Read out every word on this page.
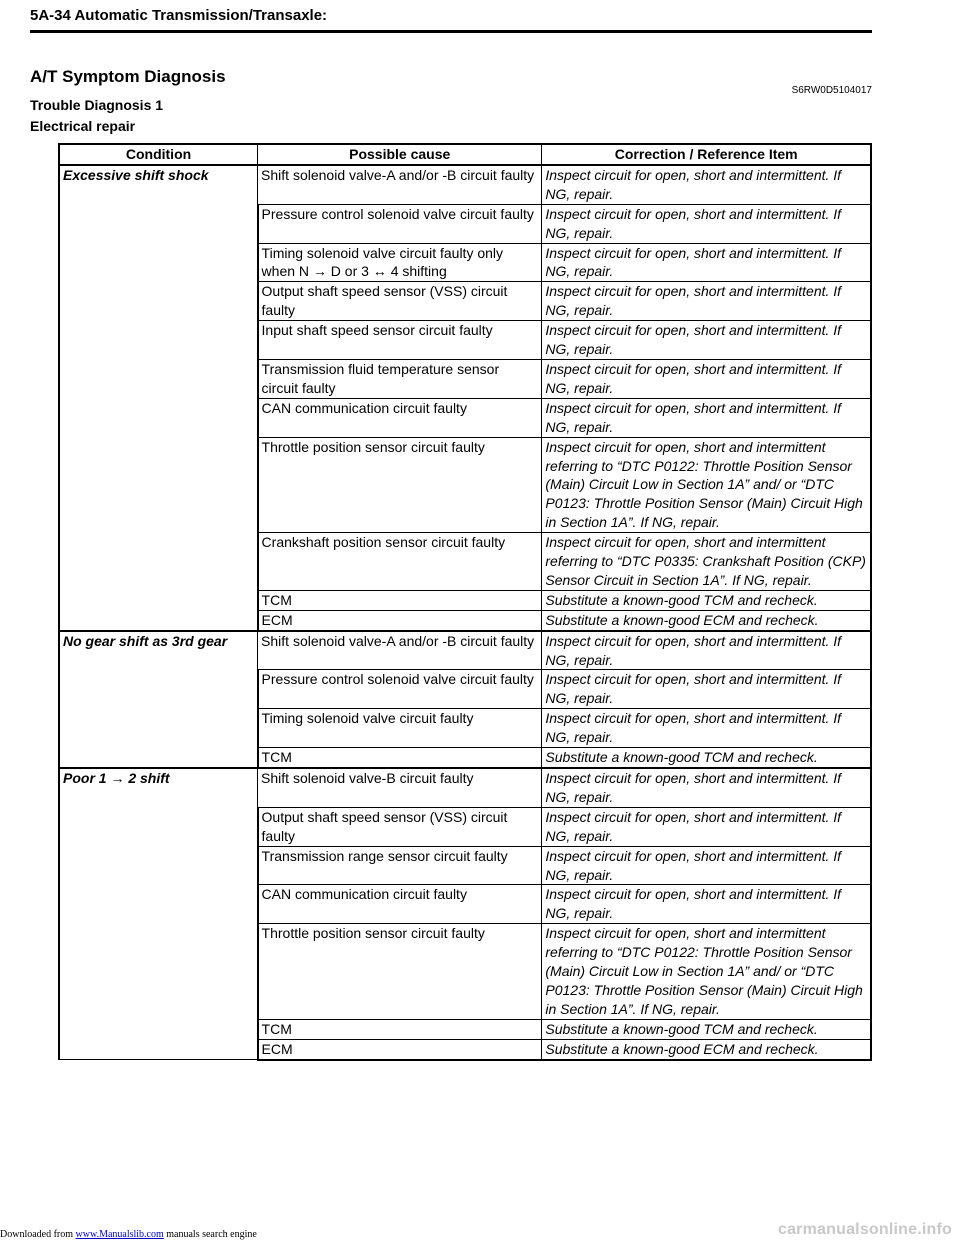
5A-34 Automatic Transmission/Transaxle:
A/T Symptom Diagnosis
S6RW0D5104017
Trouble Diagnosis 1
Electrical repair
Condition	Possible cause	Correction / Reference Item
Excessive shift shock	Shift solenoid valve-A and/or -B circuit faulty	Inspect circuit for open, short and intermittent. If NG, repair.
	Pressure control solenoid valve circuit faulty	Inspect circuit for open, short and intermittent. If NG, repair.
	Timing solenoid valve circuit faulty only when N → D or 3 ↔ 4 shifting	Inspect circuit for open, short and intermittent. If NG, repair.
	Output shaft speed sensor (VSS) circuit faulty	Inspect circuit for open, short and intermittent. If NG, repair.
	Input shaft speed sensor circuit faulty	Inspect circuit for open, short and intermittent. If NG, repair.
	Transmission fluid temperature sensor circuit faulty	Inspect circuit for open, short and intermittent. If NG, repair.
	CAN communication circuit faulty	Inspect circuit for open, short and intermittent. If NG, repair.
	Throttle position sensor circuit faulty	Inspect circuit for open, short and intermittent referring to “DTC P0122: Throttle Position Sensor (Main) Circuit Low in Section 1A” and/ or “DTC P0123: Throttle Position Sensor (Main) Circuit High in Section 1A”. If NG, repair.
	Crankshaft position sensor circuit faulty	Inspect circuit for open, short and intermittent referring to “DTC P0335: Crankshaft Position (CKP) Sensor Circuit in Section 1A”. If NG, repair.
	TCM	Substitute a known-good TCM and recheck.
	ECM	Substitute a known-good ECM and recheck.
No gear shift as 3rd gear	Shift solenoid valve-A and/or -B circuit faulty	Inspect circuit for open, short and intermittent. If NG, repair.
	Pressure control solenoid valve circuit faulty	Inspect circuit for open, short and intermittent. If NG, repair.
	Timing solenoid valve circuit faulty	Inspect circuit for open, short and intermittent. If NG, repair.
	TCM	Substitute a known-good TCM and recheck.
Poor 1 → 2 shift	Shift solenoid valve-B circuit faulty	Inspect circuit for open, short and intermittent. If NG, repair.
	Output shaft speed sensor (VSS) circuit faulty	Inspect circuit for open, short and intermittent. If NG, repair.
	Transmission range sensor circuit faulty	Inspect circuit for open, short and intermittent. If NG, repair.
	CAN communication circuit faulty	Inspect circuit for open, short and intermittent. If NG, repair.
	Throttle position sensor circuit faulty	Inspect circuit for open, short and intermittent referring to “DTC P0122: Throttle Position Sensor (Main) Circuit Low in Section 1A” and/ or “DTC P0123: Throttle Position Sensor (Main) Circuit High in Section 1A”. If NG, repair.
	TCM	Substitute a known-good TCM and recheck.
	ECM	Substitute a known-good ECM and recheck.
Downloaded from www.Manualslib.com manuals search engine	carmanualsonline.info
